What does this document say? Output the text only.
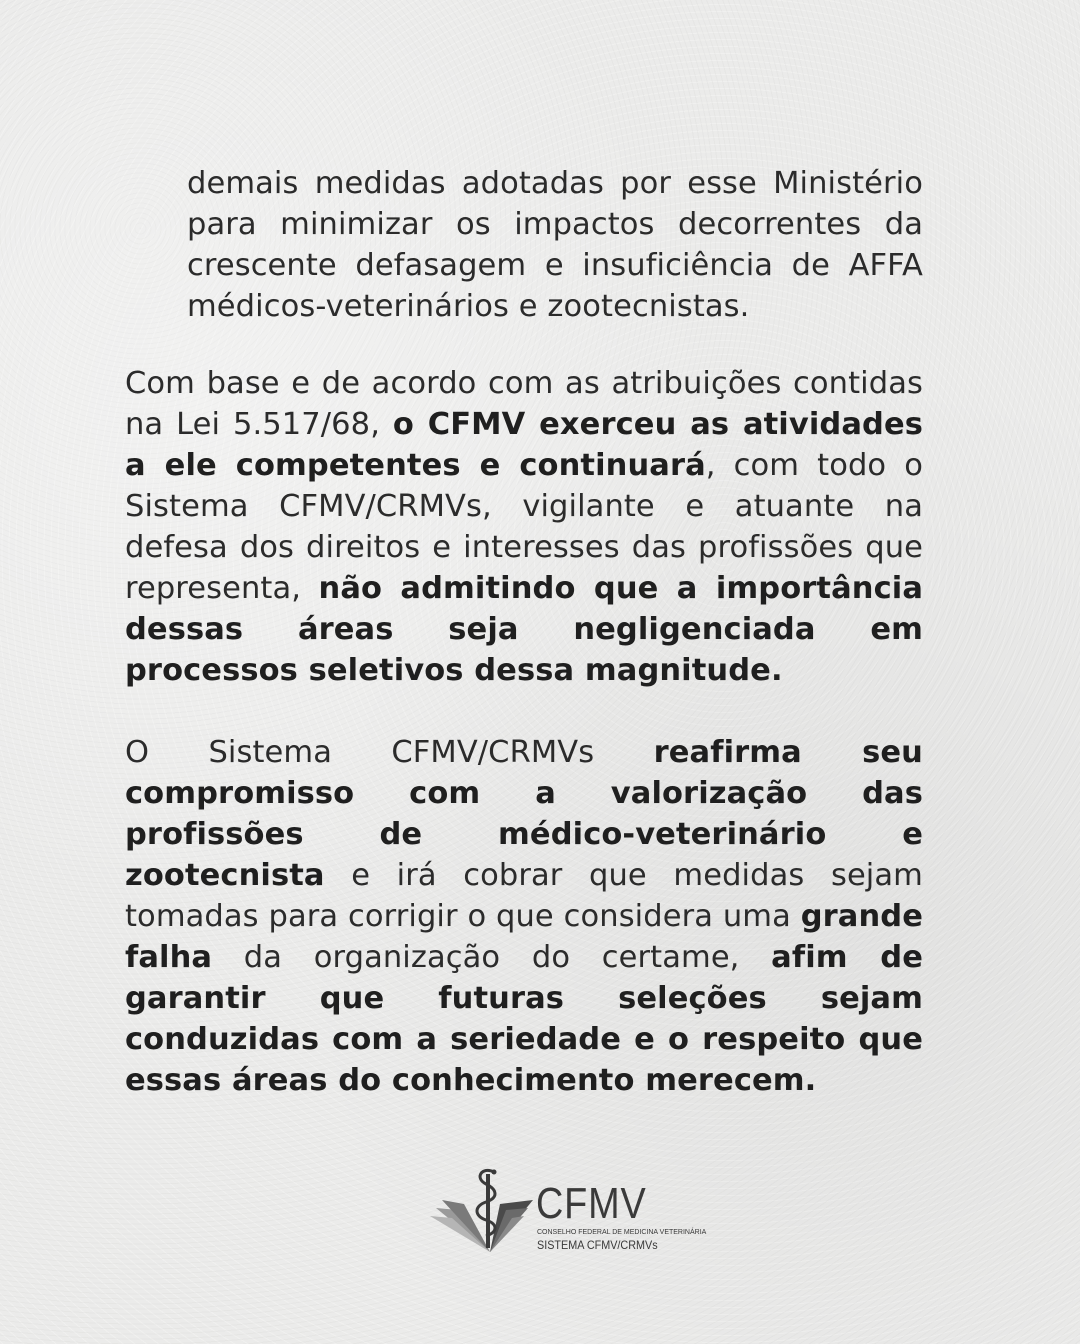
demais medidas adotadas por esse Ministério para minimizar os impactos decorrentes da crescente defasagem e insuficiência de AFFA médicos-veterinários e zootecnistas.

Com base e de acordo com as atribuições contidas na Lei 5.517/68, o CFMV exerceu as atividades a ele competentes e continuará, com todo o Sistema CFMV/CRMVs, vigilante e atuante na defesa dos direitos e interesses das profissões que representa, não admitindo que a importância dessas áreas seja negligenciada em processos seletivos dessa magnitude.

O Sistema CFMV/CRMVs reafirma seu compromisso com a valorização das profissões de médico-veterinário e zootecnista e irá cobrar que medidas sejam tomadas para corrigir o que considera uma grande falha da organização do certame, afim de garantir que futuras seleções sejam conduzidas com a seriedade e o respeito que essas áreas do conhecimento merecem.

CFMV
CONSELHO FEDERAL DE MEDICINA VETERINÁRIA
SISTEMA CFMV/CRMVs
